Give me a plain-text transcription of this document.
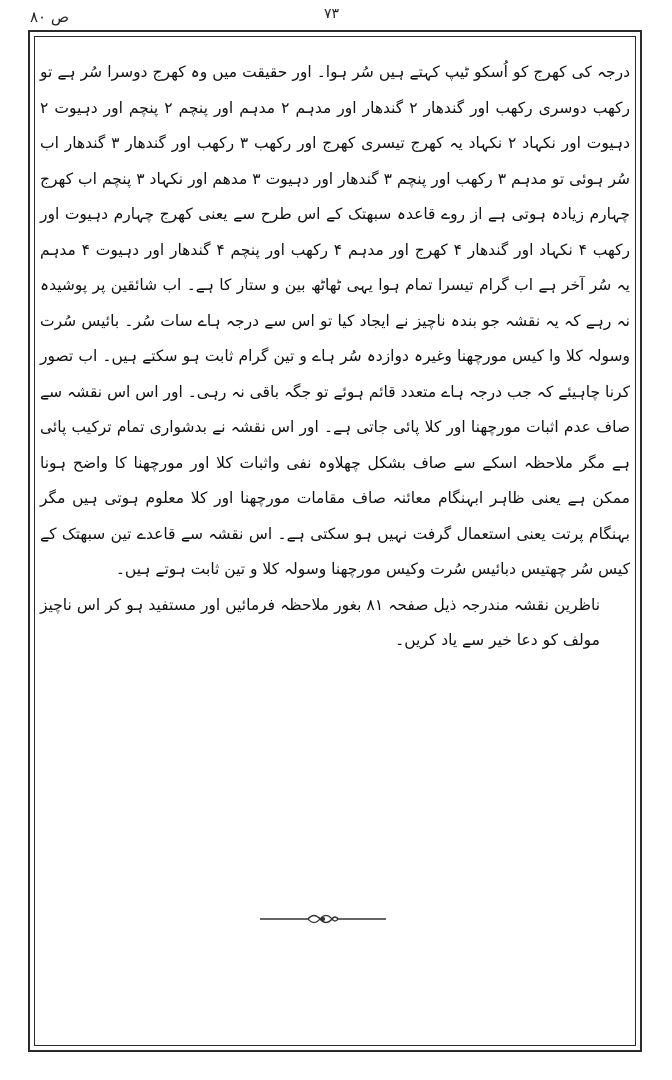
ص ۸۰	۷۳

درجہ کی کھرج کو اُسکو ٹیپ کہتے ہیں سُر ہوا۔ اور حقیقت میں وہ کھرج دوسرا سُر ہے تو رکھب دوسری رکھب اور گندھار ۲ گندھار اور مدہم ۲ مدہم اور پنچم ۲ پنچم اور دہیوت ۲ دہیوت اور نکہاد ۲ نکہاد یہ کھرج تیسری کھرج اور رکھب ۳ رکھب اور گندھار ۳ گندھار اب سُر ہوئی تو مدہم ۳ رکھب اور پنچم ۳ گندھار اور دہیوت ۳ مدھم اور نکہاد ۳ پنچم اب کھرج چہارم زیادہ ہوتی ہے از روے قاعدہ سبھتک کے اس طرح سے یعنی کھرج چہارم دہیوت اور رکھب ۴ نکہاد اور گندھار ۴ کھرج اور مدہم ۴ رکھب اور پنچم ۴ گندھار اور دہیوت ۴ مدہم یہ سُر آخر ہے اب گرام تیسرا تمام ہوا یہی ٹھاٹھ بین و ستار کا ہے۔ اب شائقین پر پوشیدہ نہ رہے کہ یہ نقشہ جو بندہ ناچیز نے ایجاد کیا تو اس سے درجہ ہاے سات سُر۔ بائیس سُرت وسولہ کلا وا کیس مورچھنا وغیرہ دوازدہ سُر ہاے و تین گرام ثابت ہو سکتے ہیں۔ اب تصور کرنا چاہیئے کہ جب درجہ ہاے متعدد قائم ہوئے تو جگہ باقی نہ رہی۔ اور اس اس نقشہ سے صاف عدم اثبات مورچھنا اور کلا پائی جاتی ہے۔ اور اس نقشہ نے بدشواری تمام ترکیب پائی ہے مگر ملاحظہ اسکے سے صاف بشکل چھلاوہ نفی واثبات کلا اور مورچھنا کا واضح ہونا ممکن ہے یعنی ظاہر ابہنگام معائنہ صاف مقامات مورچھنا اور کلا معلوم ہوتی ہیں مگر بہنگام پرتت یعنی استعمال گرفت نہیں ہو سکتی ہے۔ اس نقشہ سے قاعدے تین سبھتک کے کیس سُر چھتیس دبائیس سُرت وکیس مورچھنا وسولہ کلا و تین ثابت ہوتے ہیں۔

ناظرین نقشہ مندرجہ ذیل صفحہ ۸۱ بغور ملاحظہ فرمائیں اور مستفید ہو کر اس ناچیز مولف کو دعا خیر سے یاد کریں۔
